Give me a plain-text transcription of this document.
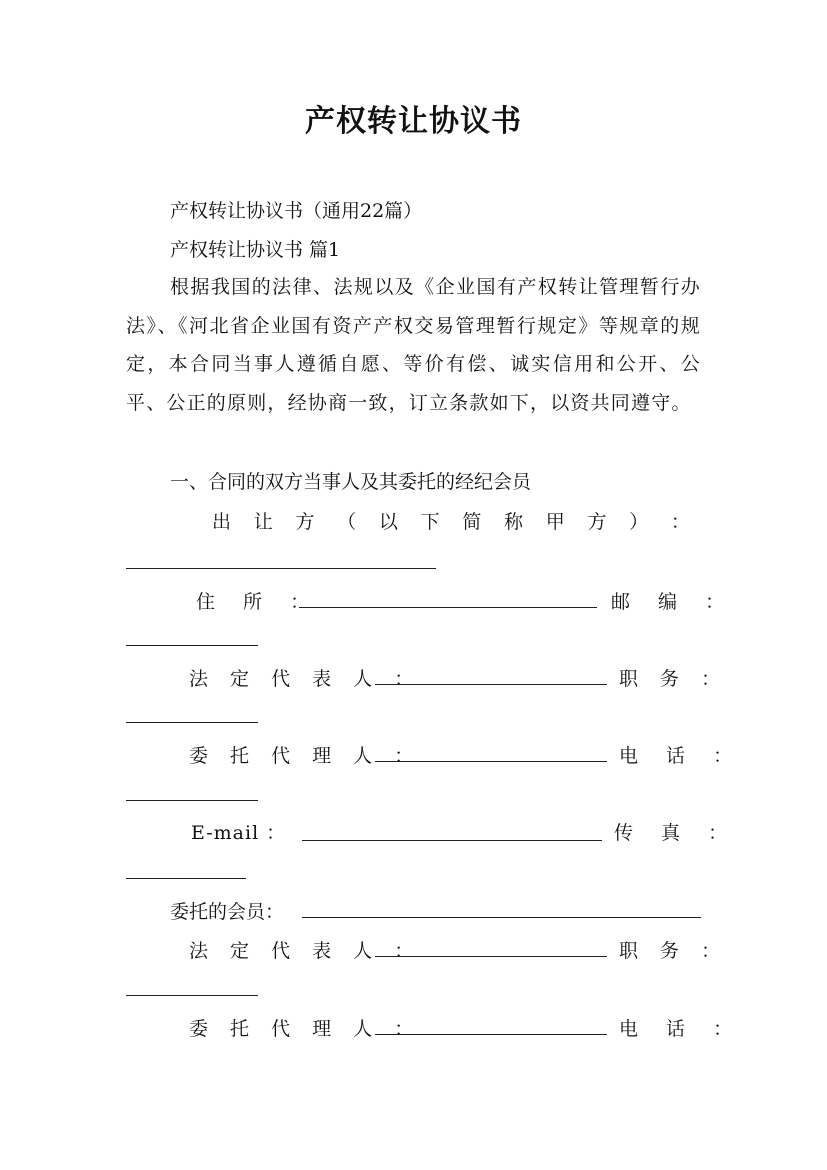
产权转让协议书
产权转让协议书（通用22篇）
产权转让协议书 篇1
根据我国的法律、法规以及《企业国有产权转让管理暂行办法》、《河北省企业国有资产产权交易管理暂行规定》等规章的规定，本合同当事人遵循自愿、等价有偿、诚实信用和公开、公平、公正的原则，经协商一致，订立条款如下，以资共同遵守。
一、合同的双方当事人及其委托的经纪会员
出 让 方 （ 以 下 简 称 甲 方 ） ：
住 所 ：	邮 编 ：
法 定 代 表 人 ：	职 务 ：
委 托 代 理 人 ：	电 话 ：
E-mail ：	传 真 ：
委托的会员：
法 定 代 表 人 ：	职 务 ：
委 托 代 理 人 ：	电 话 ：
